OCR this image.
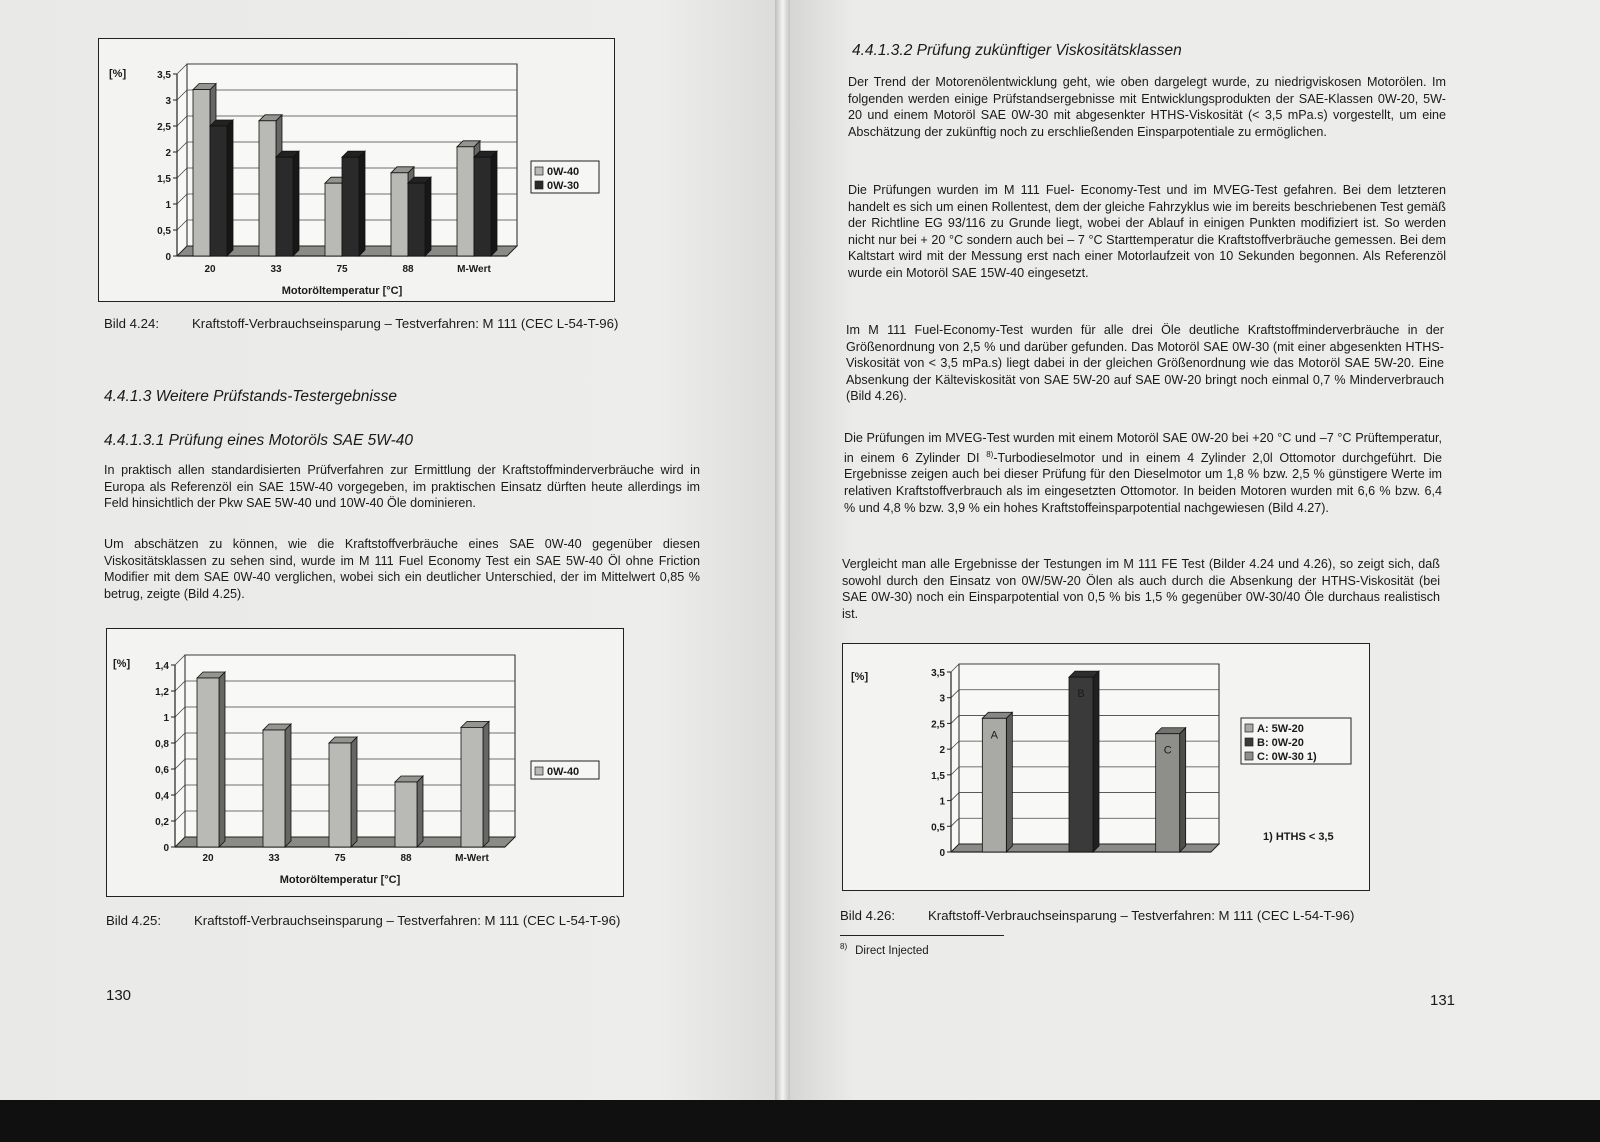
[%]
0
0,5
1
1,5
2
2,5
3
3,5
20	33	75	88	M-Wert
Motoröltemperatur [°C]
0W-40
0W-30

Bild 4.24:	Kraftstoff-Verbrauchseinsparung – Testverfahren: M 111 (CEC L-54-T-96)

4.4.1.3 Weitere Prüfstands-Testergebnisse

4.4.1.3.1 Prüfung eines Motoröls SAE 5W-40

In praktisch allen standardisierten Prüfverfahren zur Ermittlung der Kraftstoffminderverbräuche wird in Europa als Referenzöl ein SAE 15W-40 vorgegeben, im praktischen Einsatz dürften heute allerdings im Feld hinsichtlich der Pkw SAE 5W-40 und 10W-40 Öle dominieren.

Um abschätzen zu können, wie die Kraftstoffverbräuche eines SAE 0W-40 gegenüber diesen Viskositätsklassen zu sehen sind, wurde im M 111 Fuel Economy Test ein SAE 5W-40 Öl ohne Friction Modifier mit dem SAE 0W-40 verglichen, wobei sich ein deutlicher Unterschied, der im Mittelwert 0,85 % betrug, zeigte (Bild 4.25).

[%]
0
0,2
0,4
0,6
0,8
1
1,2
1,4
20	33	75	88	M-Wert
Motoröltemperatur [°C]
0W-40

Bild 4.25:	Kraftstoff-Verbrauchseinsparung – Testverfahren: M 111 (CEC L-54-T-96)

130

4.4.1.3.2 Prüfung zukünftiger Viskositätsklassen

Der Trend der Motorenölentwicklung geht, wie oben dargelegt wurde, zu niedrigviskosen Motorölen. Im folgenden werden einige Prüfstandsergebnisse mit Entwicklungsprodukten der SAE-Klassen 0W-20, 5W-20 und einem Motoröl SAE 0W-30 mit abgesenkter HTHS-Viskosität (< 3,5 mPa.s) vorgestellt, um eine Abschätzung der zukünftig noch zu erschließenden Einsparpotentiale zu ermöglichen.

Die Prüfungen wurden im M 111 Fuel- Economy-Test und im MVEG-Test gefahren. Bei dem letzteren handelt es sich um einen Rollentest, dem der gleiche Fahrzyklus wie im bereits beschriebenen Test gemäß der Richtline EG 93/116 zu Grunde liegt, wobei der Ablauf in einigen Punkten modifiziert ist. So werden nicht nur bei + 20 °C sondern auch bei – 7 °C Starttemperatur die Kraftstoffverbräuche gemessen. Bei dem Kaltstart wird mit der Messung erst nach einer Motorlaufzeit von 10 Sekunden begonnen. Als Referenzöl wurde ein Motoröl SAE 15W-40 eingesetzt.

Im M 111 Fuel-Economy-Test wurden für alle drei Öle deutliche Kraftstoffminderverbräuche in der Größenordnung von 2,5 % und darüber gefunden. Das Motoröl SAE 0W-30 (mit einer abgesenkten HTHS-Viskosität von < 3,5 mPa.s) liegt dabei in der gleichen Größenordnung wie das Motoröl SAE 5W-20. Eine Absenkung der Kälteviskosität von SAE 5W-20 auf SAE 0W-20 bringt noch einmal 0,7 % Minderverbrauch (Bild 4.26).

Die Prüfungen im MVEG-Test wurden mit einem Motoröl SAE 0W-20 bei +20 °C und –7 °C Prüftemperatur, in einem 6 Zylinder DI $^{8)}$-Turbodieselmotor und in einem 4 Zylinder 2,0l Ottomotor durchgeführt. Die Ergebnisse zeigen auch bei dieser Prüfung für den Dieselmotor um 1,8 % bzw. 2,5 % günstigere Werte im relativen Kraftstoffverbrauch als im eingesetzten Ottomotor. In beiden Motoren wurden mit 6,6 % bzw. 6,4 % und 4,8 % bzw. 3,9 % ein hohes Kraftstoffeinsparpotential nachgewiesen (Bild 4.27).

Vergleicht man alle Ergebnisse der Testungen im M 111 FE Test (Bilder 4.24 und 4.26), so zeigt sich, daß sowohl durch den Einsatz von 0W/5W-20 Ölen als auch durch die Absenkung der HTHS-Viskosität (bei SAE 0W-30) noch ein Einsparpotential von 0,5 % bis 1,5 % gegenüber 0W-30/40 Öle durchaus realistisch ist.

[%]
0
0,5
1
1,5
2
2,5
3
3,5
A
B
C
A: 5W-20
B: 0W-20
C: 0W-30 1)
1) HTHS < 3,5

Bild 4.26:	Kraftstoff-Verbrauchseinsparung – Testverfahren: M 111 (CEC L-54-T-96)

$^{8)}$ Direct Injected
131
